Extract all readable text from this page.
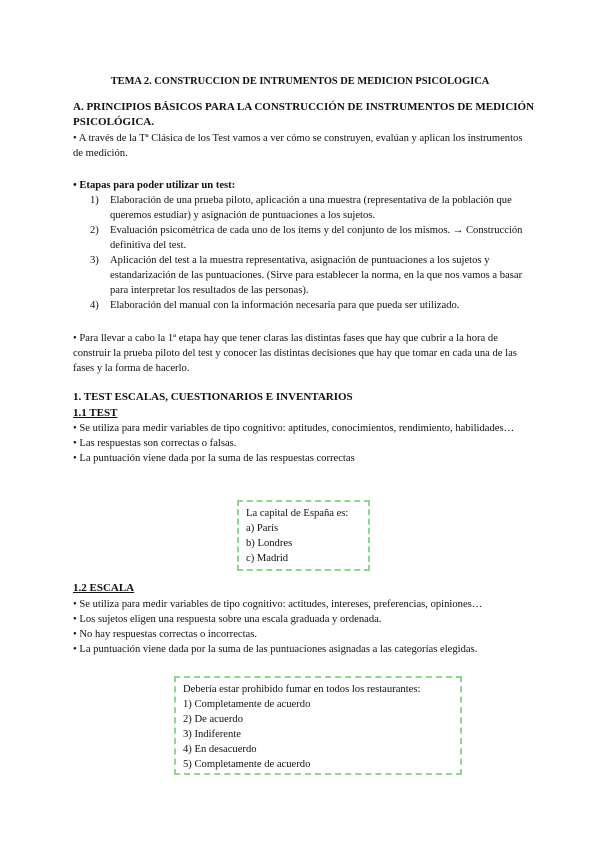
TEMA 2. CONSTRUCCION DE INTRUMENTOS DE MEDICION PSICOLOGICA
A. PRINCIPIOS BÁSICOS PARA LA CONSTRUCCIÓN DE INSTRUMENTOS DE MEDICIÓN PSICOLÓGICA.
• A través de la Tª Clásica de los Test vamos a ver cómo se construyen, evalúan y aplican los instrumentos de medición.
• Etapas para poder utilizar un test:
1) Elaboración de una prueba piloto, aplicación a una muestra (representativa de la población que queremos estudiar) y asignación de puntuaciones a los sujetos.
2) Evaluación psicométrica de cada uno de los ítems y del conjunto de los mismos. → Construcción definitiva del test.
3) Aplicación del test a la muestra representativa, asignación de puntuaciones a los sujetos y estandarización de las puntuaciones. (Sirve para establecer la norma, en la que nos vamos a basar para interpretar los resultados de las personas).
4) Elaboración del manual con la información necesaria para que pueda ser utilizado.
• Para llevar a cabo la 1ª etapa hay que tener claras las distintas fases que hay que cubrir a la hora de construir la prueba piloto del test y conocer las distintas decisiones que hay que tomar en cada una de las fases y la forma de hacerlo.
1. TEST ESCALAS, CUESTIONARIOS E INVENTARIOS
1.1 TEST
• Se utiliza para medir variables de tipo cognitivo: aptitudes, conocimientos, rendimiento, habilidades…
• Las respuestas son correctas o falsas.
• La puntuación viene dada por la suma de las respuestas correctas
La capital de España es:
a) París
b) Londres
c) Madrid
1.2 ESCALA
• Se utiliza para medir variables de tipo cognitivo: actitudes, intereses, preferencias, opiniones…
• Los sujetos eligen una respuesta sobre una escala graduada y ordenada.
• No hay respuestas correctas o incorrectas.
• La puntuación viene dada por la suma de las puntuaciones asignadas a las categorías elegidas.
Debería estar prohibido fumar en todos los restaurantes:
1) Completamente de acuerdo
2) De acuerdo
3) Indiferente
4) En desacuerdo
5) Completamente de acuerdo
